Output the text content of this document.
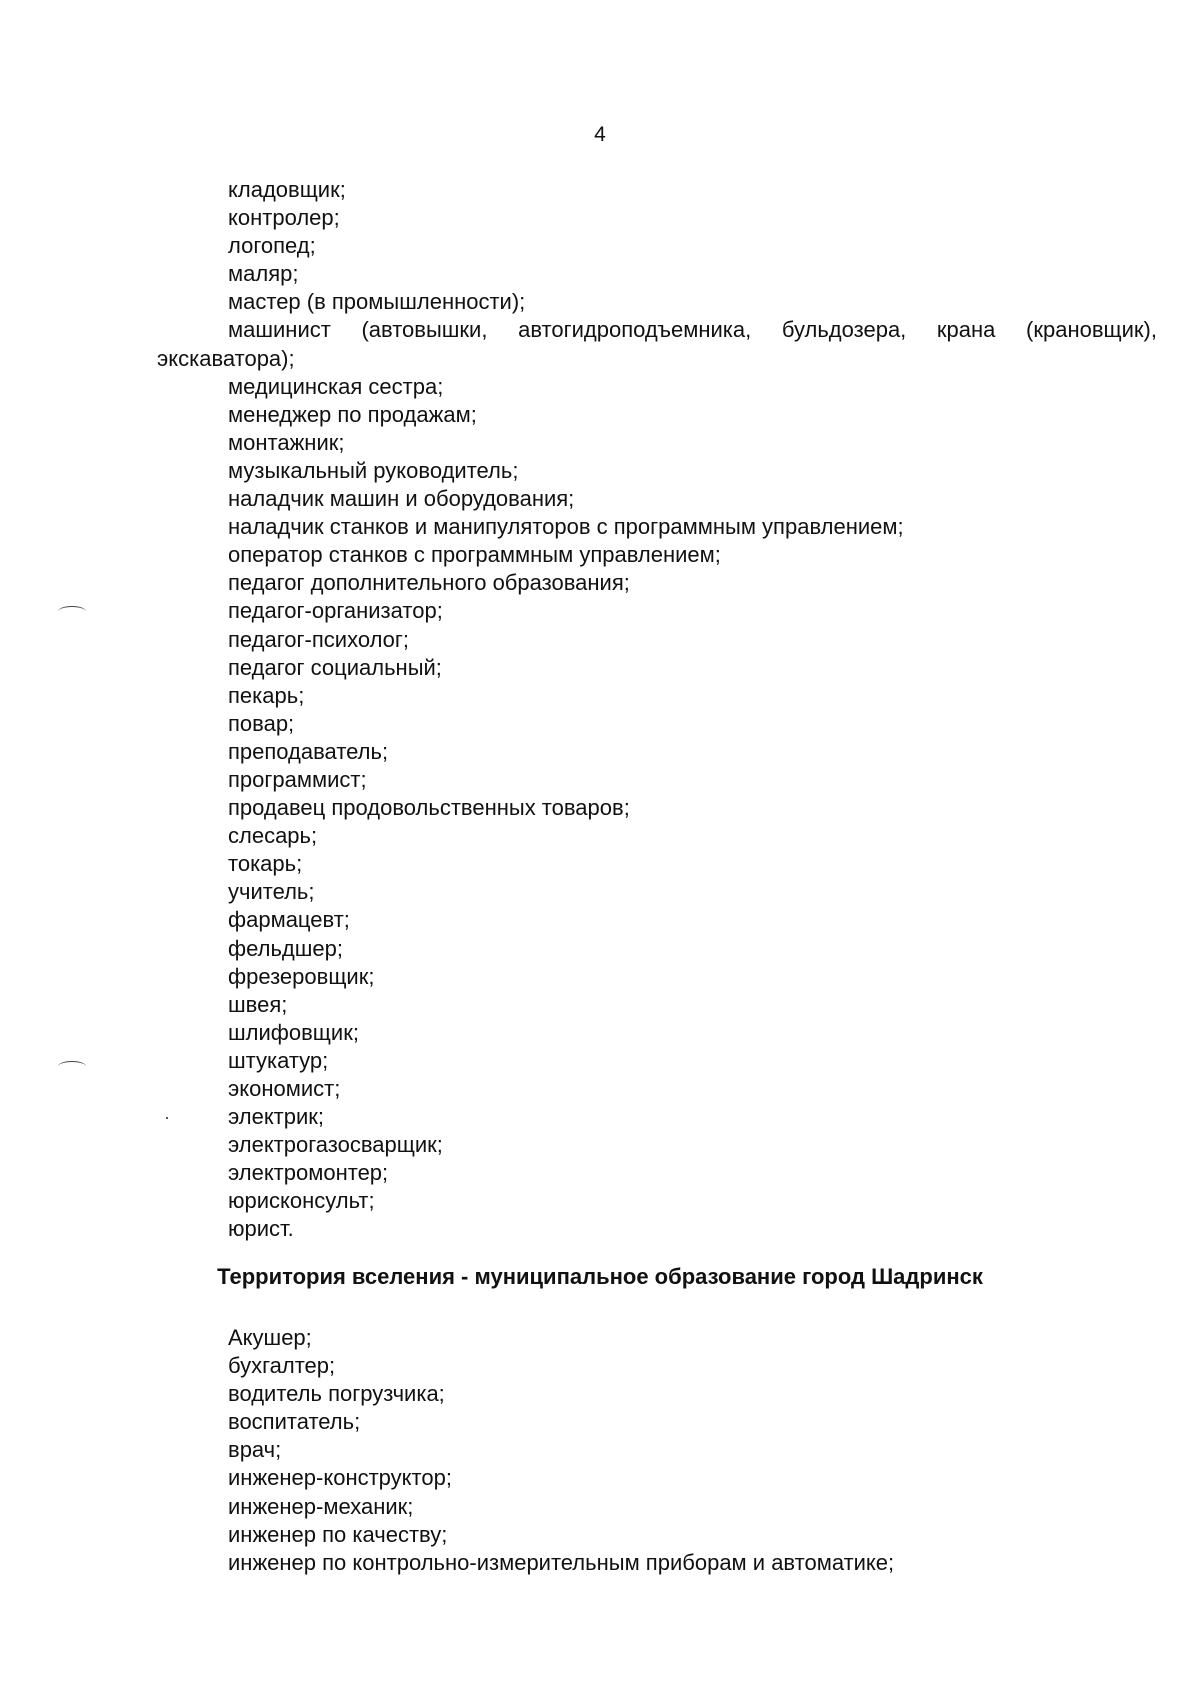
4
кладовщик;
контролер;
логопед;
маляр;
мастер (в промышленности);
машинист (автовышки, автогидроподъемника, бульдозера, крана (крановщик), экскаватора);
медицинская сестра;
менеджер по продажам;
монтажник;
музыкальный руководитель;
наладчик машин и оборудования;
наладчик станков и манипуляторов с программным управлением;
оператор станков с программным управлением;
педагог дополнительного образования;
педагог-организатор;
педагог-психолог;
педагог социальный;
пекарь;
повар;
преподаватель;
программист;
продавец продовольственных товаров;
слесарь;
токарь;
учитель;
фармацевт;
фельдшер;
фрезеровщик;
швея;
шлифовщик;
штукатур;
экономист;
электрик;
электрогазосварщик;
электромонтер;
юрисконсульт;
юрист.
Территория вселения - муниципальное образование город Шадринск
Акушер;
бухгалтер;
водитель погрузчика;
воспитатель;
врач;
инженер-конструктор;
инженер-механик;
инженер по качеству;
инженер по контрольно-измерительным приборам и автоматике;
